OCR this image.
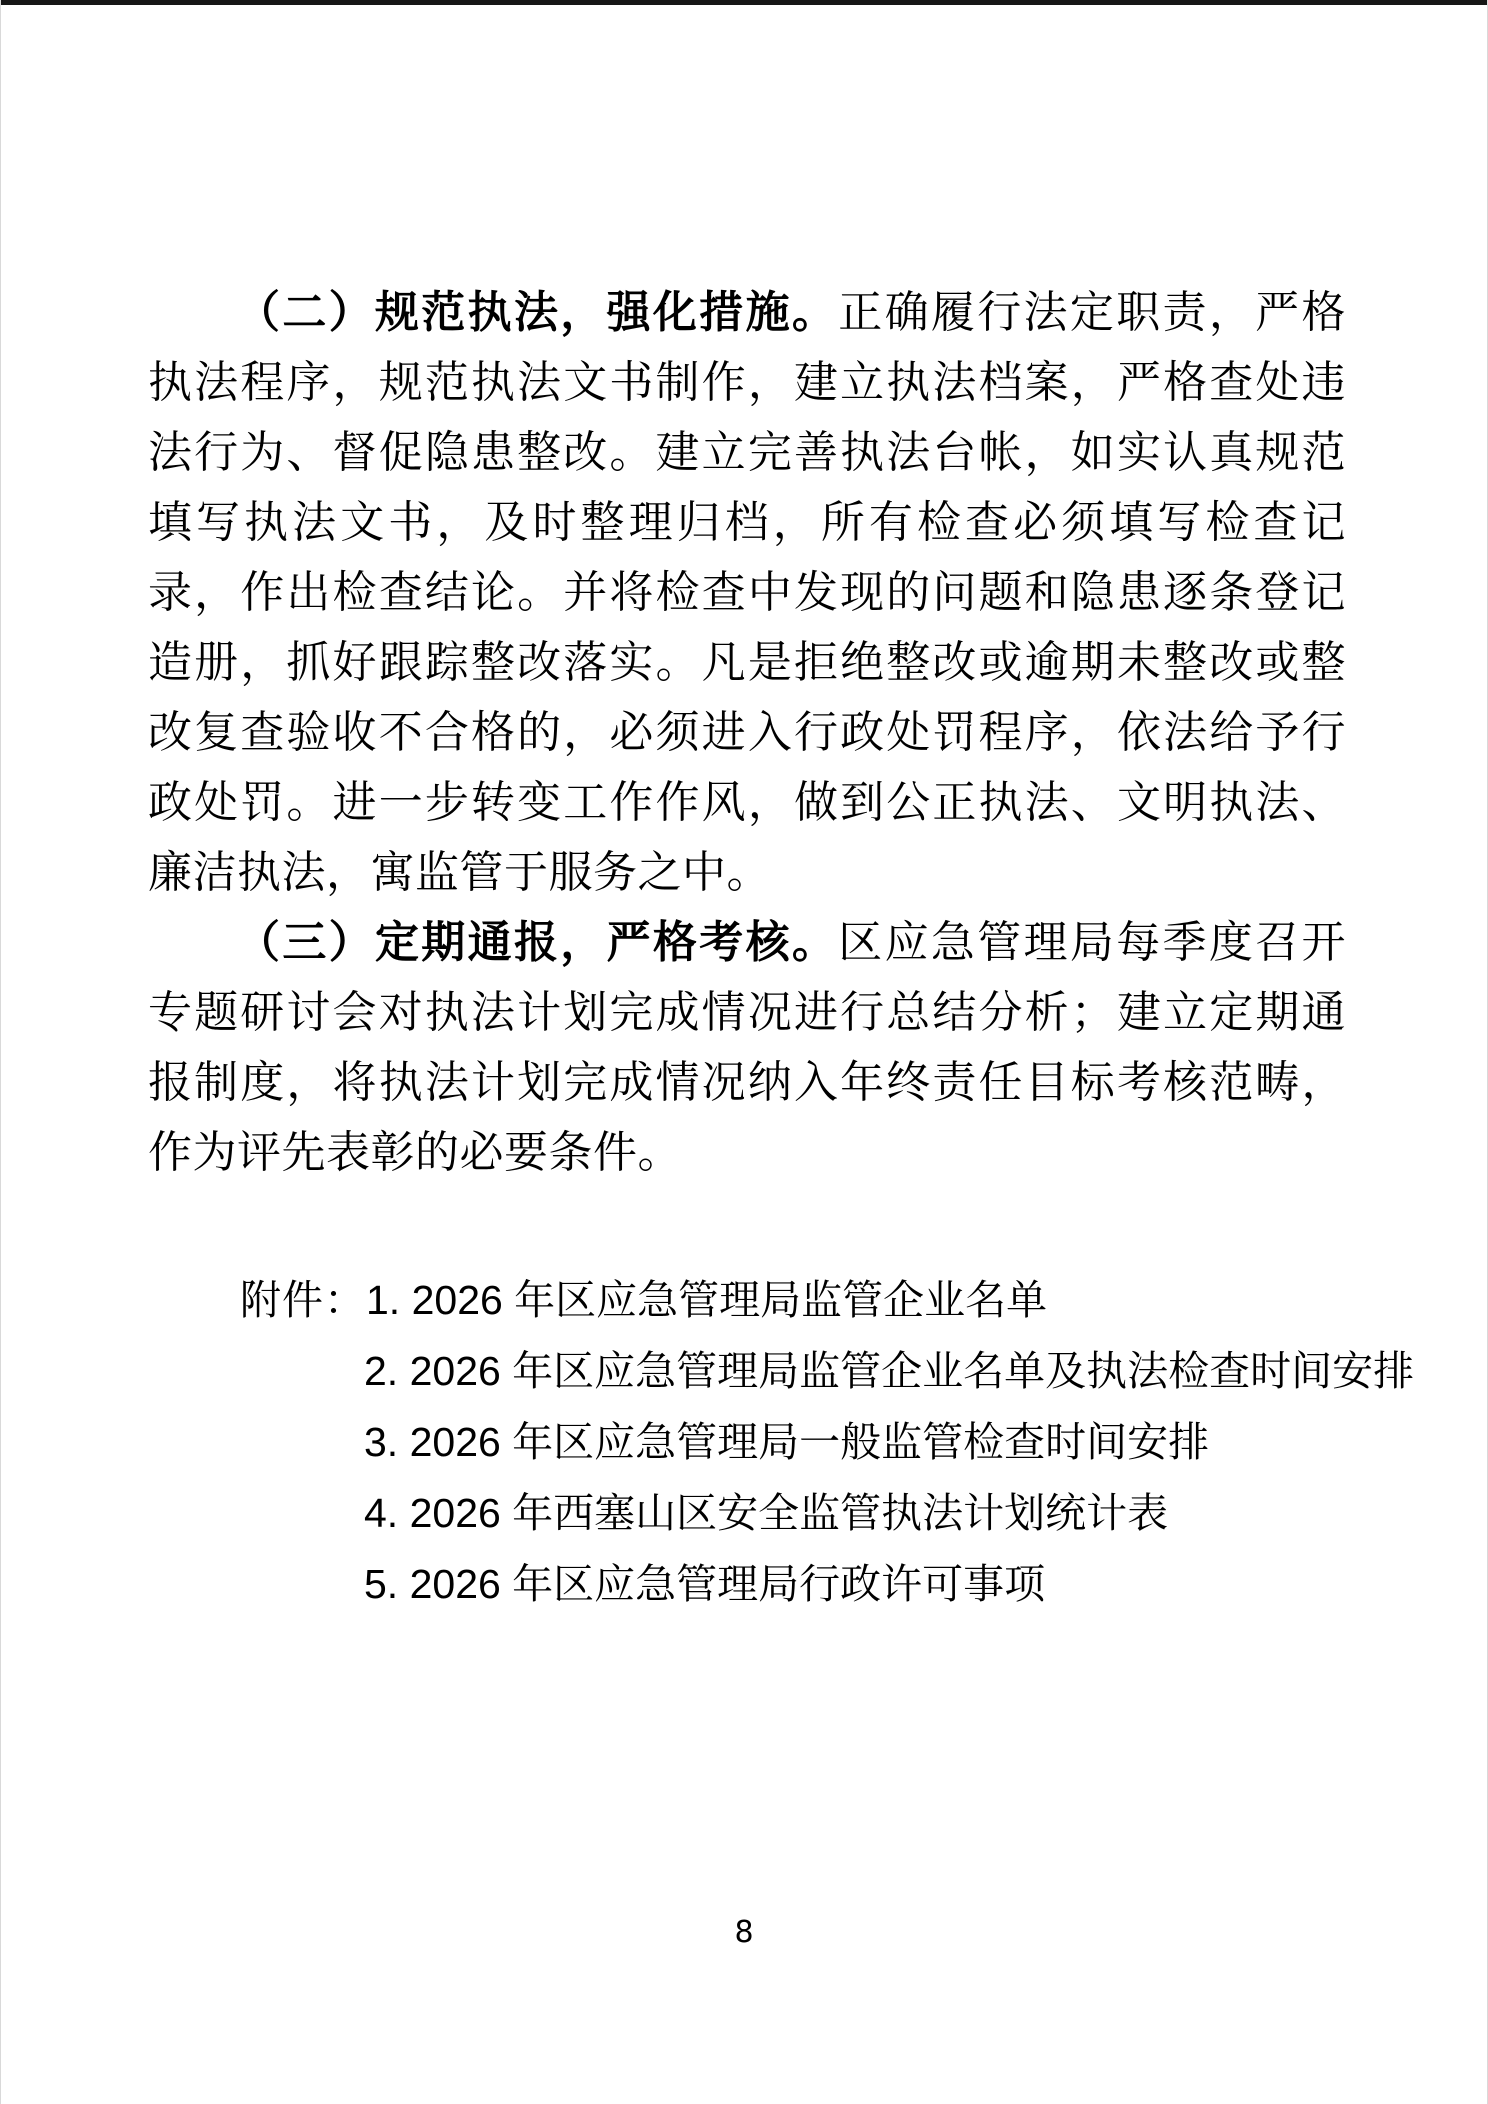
（二）规范执法，强化措施。正确履行法定职责，严格执法程序，规范执法文书制作，建立执法档案，严格查处违法行为、督促隐患整改。建立完善执法台帐，如实认真规范填写执法文书，及时整理归档，所有检查必须填写检查记录，作出检查结论。并将检查中发现的问题和隐患逐条登记造册，抓好跟踪整改落实。凡是拒绝整改或逾期未整改或整改复查验收不合格的，必须进入行政处罚程序，依法给予行政处罚。进一步转变工作作风，做到公正执法、文明执法、廉洁执法，寓监管于服务之中。

（三）定期通报，严格考核。区应急管理局每季度召开专题研讨会对执法计划完成情况进行总结分析；建立定期通报制度，将执法计划完成情况纳入年终责任目标考核范畴，作为评先表彰的必要条件。

附件：1. 2026 年区应急管理局监管企业名单

2. 2026 年区应急管理局监管企业名单及执法检查时间安排

3. 2026 年区应急管理局一般监管检查时间安排

4. 2026 年西塞山区安全监管执法计划统计表

5. 2026 年区应急管理局行政许可事项

8
